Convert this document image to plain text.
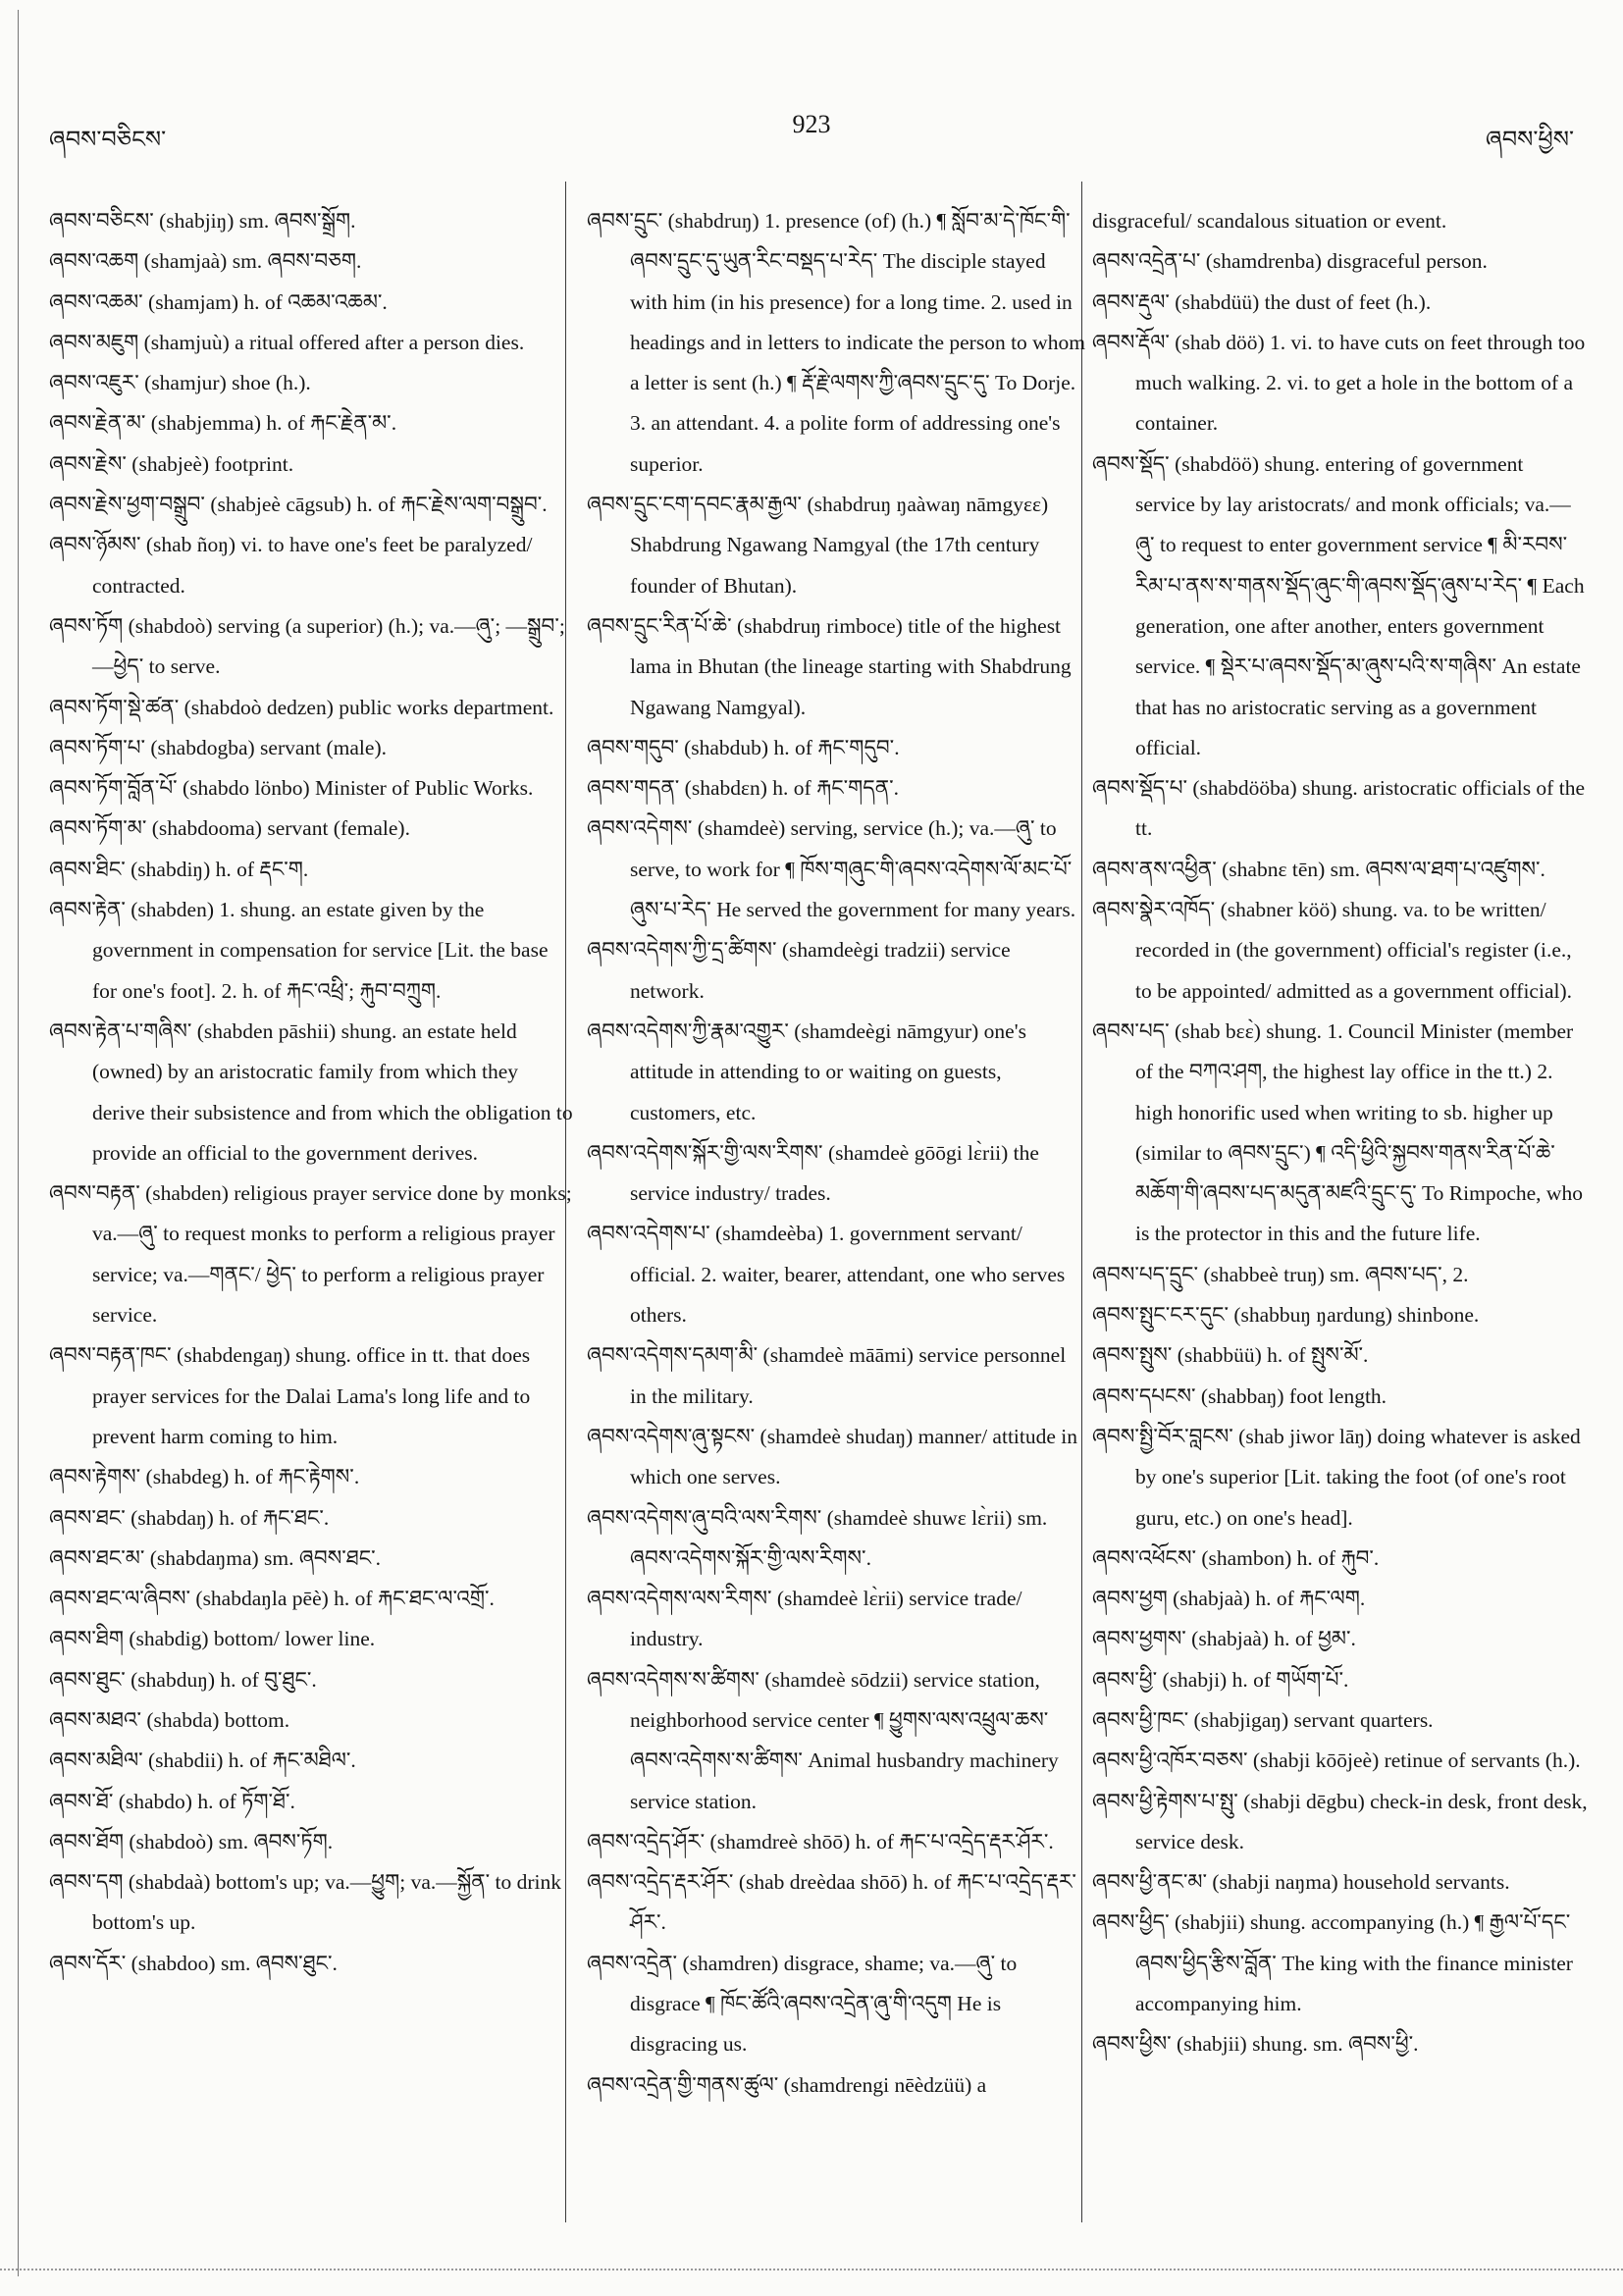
ཞབས་བཅིངས་
923
ཞབས་ཕྱིས་
ཞབས་བཅིངས་ (shabjiŋ) sm. ཞབས་སྒྲོག.
ཞབས་འཆག (shamjaà) sm. ཞབས་བཅག.
ཞབས་འཆམ་ (shamjam) h. of འཆམ་འཆམ་.
ཞབས་མཇུག (shamjuù) a ritual offered after a person dies.
ཞབས་འཇུར་ (shamjur) shoe (h.).
ཞབས་རྗེན་མ་ (shabjemma) h. of རྐང་རྗེན་མ་.
ཞབས་རྗེས་ (shabjeè) footprint.
ཞབས་རྗེས་ཕྱག་བསྒྲུབ་ (shabjeè cāgsub) h. of རྐང་རྗེས་ལག་བསྒྲུབ་.
ཞབས་ཉོམས་ (shab ñoŋ) vi. to have one's feet be paralyzed/ contracted.
ཞབས་ཏོག (shabdoò) serving (a superior) (h.); va.—ཞུ་; —སྒྲུབ་; —ཕྱེད་ to serve.
ཞབས་ཏོག་སྡེ་ཚན་ (shabdoò dedzen) public works department.
ཞབས་ཏོག་པ་ (shabdogba) servant (male).
ཞབས་ཏོག་བློན་པོ་ (shabdo lönbo) Minister of Public Works.
ཞབས་ཏོག་མ་ (shabdooma) servant (female).
ཞབས་ཐིང་ (shabdiŋ) h. of རྡང་ག.
ཞབས་རྟེན་ (shabden) 1. shung. an estate given by the government in compensation for service [Lit. the base for one's foot]. 2. h. of རྐང་འཕྲི་; རྐུབ་བཀྲུག.
ཞབས་རྟེན་པ་གཞིས་ (shabden pāshii) shung. an estate held (owned) by an aristocratic family from which they derive their subsistence and from which the obligation to provide an official to the government derives.
ཞབས་བརྟན་ (shabden) religious prayer service done by monks; va.—ཞུ་ to request monks to perform a religious prayer service; va.—གནང་/ ཕྱེད་ to perform a religious prayer service.
ཞབས་བརྟན་ཁང་ (shabdengaŋ) shung. office in tt. that does prayer services for the Dalai Lama's long life and to prevent harm coming to him.
ཞབས་རྟེགས་ (shabdeg) h. of རྐང་རྟེགས་.
ཞབས་ཐང་ (shabdaŋ) h. of རྐང་ཐང་.
ཞབས་ཐང་མ་ (shabdaŋma) sm. ཞབས་ཐང་.
ཞབས་ཐང་ལ་ཞིབས་ (shabdaŋla pēè) h. of རྐང་ཐང་ལ་འགྲོ་.
ཞབས་ཐིག (shabdig) bottom/ lower line.
ཞབས་ཐུང་ (shabduŋ) h. of བུ་ཐུང་.
ཞབས་མཐའ་ (shabda) bottom.
ཞབས་མཐིལ་ (shabdii) h. of རྐང་མཐིལ་.
ཞབས་ཐོ་ (shabdo) h. of ཏོག་ཐོ་.
ཞབས་ཐོག (shabdoò) sm. ཞབས་ཏོག.
ཞབས་དག (shabdaà) bottom's up; va.—ཕྱུག; va.—སྐྱོན་ to drink bottom's up.
ཞབས་དོར་ (shabdoo) sm. ཞབས་ཐུང་.
ཞབས་དྲུང་ (shabdruŋ) 1. presence (of) (h.) ¶ སློབ་མ་དེ་ཁོང་གི་ཞབས་དྲུང་དུ་ཡུན་རིང་བསྡད་པ་རེད་ The disciple stayed with him (in his presence) for a long time. 2. used in headings and in letters to indicate the person to whom a letter is sent (h.) ¶ རྡོ་རྗེ་ལགས་ཀྱི་ཞབས་དྲུང་དུ་ To Dorje. 3. an attendant. 4. a polite form of addressing one's superior.
ཞབས་དྲུང་ངག་དབང་རྣམ་རྒྱལ་ (shabdruŋ ŋaàwaŋ nāmgyɛɛ) Shabdrung Ngawang Namgyal (the 17th century founder of Bhutan).
ཞབས་དྲུང་རིན་པོ་ཆེ་ (shabdruŋ rimboce) title of the highest lama in Bhutan (the lineage starting with Shabdrung Ngawang Namgyal).
ཞབས་གདུབ་ (shabdub) h. of རྐང་གདུབ་.
ཞབས་གདན་ (shabdɛn) h. of རྐང་གདན་.
ཞབས་འདེགས་ (shamdeè) serving, service (h.); va.—ཞུ་ to serve, to work for ¶ ཁོས་གཞུང་གི་ཞབས་འདེགས་ལོ་མང་པོ་ཞུས་པ་རེད་ He served the government for many years.
ཞབས་འདེགས་ཀྱི་དྲ་ཚིགས་ (shamdeègi tradzii) service network.
ཞབས་འདེགས་ཀྱི་རྣམ་འགྱུར་ (shamdeègi nāmgyur) one's attitude in attending to or waiting on guests, customers, etc.
ཞབས་འདེགས་སྐོར་གྱི་ལས་རིགས་ (shamdeè gōōgi lɛ̀rii) the service industry/ trades.
ཞབས་འདེགས་པ་ (shamdeèba) 1. government servant/ official. 2. waiter, bearer, attendant, one who serves others.
ཞབས་འདེགས་དམག་མི་ (shamdeè māāmi) service personnel in the military.
ཞབས་འདེགས་ཞུ་སྟངས་ (shamdeè shudaŋ) manner/ attitude in which one serves.
ཞབས་འདེགས་ཞུ་བའི་ལས་རིགས་ (shamdeè shuwɛ lɛ̀rii) sm. ཞབས་འདེགས་སྐོར་གྱི་ལས་རིགས་.
ཞབས་འདེགས་ལས་རིགས་ (shamdeè lɛ̀rii) service trade/ industry.
ཞབས་འདེགས་ས་ཚིགས་ (shamdeè sōdzii) service station, neighborhood service center ¶ ཕྱུགས་ལས་འཕྲུལ་ཆས་ཞབས་འདེགས་ས་ཚིགས་ Animal husbandry machinery service station.
ཞབས་འདྲེད་ཤོར་ (shamdreè shōō) h. of རྐང་པ་འདྲེད་རྡར་ཤོར་.
ཞབས་འདྲེད་རྡར་ཤོར་ (shab dreèdaa shōō) h. of རྐང་པ་འདྲེད་རྡར་ཤོར་.
ཞབས་འདྲེན་ (shamdren) disgrace, shame; va.—ཞུ་ to disgrace ¶ ཁོང་ཚོའི་ཞབས་འདྲེན་ཞུ་གི་འདུག He is disgracing us.
ཞབས་འདྲེན་གྱི་གནས་ཚུལ་ (shamdrengi nēèdzüü) a
disgraceful/ scandalous situation or event.
ཞབས་འདྲེན་པ་ (shamdrenba) disgraceful person.
ཞབས་རྡུལ་ (shabdüü) the dust of feet (h.).
ཞབས་རྡོལ་ (shab döö) 1. vi. to have cuts on feet through too much walking. 2. vi. to get a hole in the bottom of a container.
ཞབས་སྡོད་ (shabdöö) shung. entering of government service by lay aristocrats/ and monk officials; va.—ཞུ་ to request to enter government service ¶ མི་རབས་རིམ་པ་ནས་ས་གནས་སྡོད་ཞུང་གི་ཞབས་སྡོད་ཞུས་པ་རེད་ ¶ Each generation, one after another, enters government service. ¶ སྡེར་པ་ཞབས་སྡོད་མ་ཞུས་པའི་ས་གཞིས་ An estate that has no aristocratic serving as a government official.
ཞབས་སྡོད་པ་ (shabdööba) shung. aristocratic officials of the tt.
ཞབས་ནས་འཕྱིན་ (shabnɛ tēn) sm. ཞབས་ལ་ཐག་པ་འཛུགས་.
ཞབས་སྣེར་འཁོད་ (shabner köö) shung. va. to be written/ recorded in (the government) official's register (i.e., to be appointed/ admitted as a government official).
ཞབས་པད་ (shab bɛɛ̀) shung. 1. Council Minister (member of the བཀའ་ཤག, the highest lay office in the tt.) 2. high honorific used when writing to sb. higher up (similar to ཞབས་དྲུང་) ¶ འདི་ཕྱིའི་སྐྱབས་གནས་རིན་པོ་ཆེ་མཆོག་གི་ཞབས་པད་མདུན་མཛའི་དྲུང་དུ་ To Rimpoche, who is the protector in this and the future life.
ཞབས་པད་དྲུང་ (shabbeè truŋ) sm. ཞབས་པད་, 2.
ཞབས་སྤུང་ངར་དུང་ (shabbuŋ ŋardung) shinbone.
ཞབས་སྤུས་ (shabbüü) h. of སྤུས་མོ་.
ཞབས་དཔངས་ (shabbaŋ) foot length.
ཞབས་སྤྱི་བོར་བླངས་ (shab jiwor lāŋ) doing whatever is asked by one's superior [Lit. taking the foot (of one's root guru, etc.) on one's head].
ཞབས་འཕོངས་ (shambon) h. of རྐུབ་.
ཞབས་ཕྱག (shabjaà) h. of རྐང་ལག.
ཞབས་ཕྱགས་ (shabjaà) h. of ཕྱམ་.
ཞབས་ཕྱི་ (shabji) h. of གཡོག་པོ་.
ཞབས་ཕྱི་ཁང་ (shabjigaŋ) servant quarters.
ཞབས་ཕྱི་འཁོར་བཅས་ (shabji kōōjeè) retinue of servants (h.).
ཞབས་ཕྱི་རྟེགས་པ་སྤུ་ (shabji dēgbu) check-in desk, front desk, service desk.
ཞབས་ཕྱི་ནང་མ་ (shabji naŋma) household servants.
ཞབས་ཕྱིད་ (shabjii) shung. accompanying (h.) ¶ རྒྱལ་པོ་དང་ཞབས་ཕྱིད་རྩིས་བློན་ The king with the finance minister accompanying him.
ཞབས་ཕྱིས་ (shabjii) shung. sm. ཞབས་ཕྱི་.
